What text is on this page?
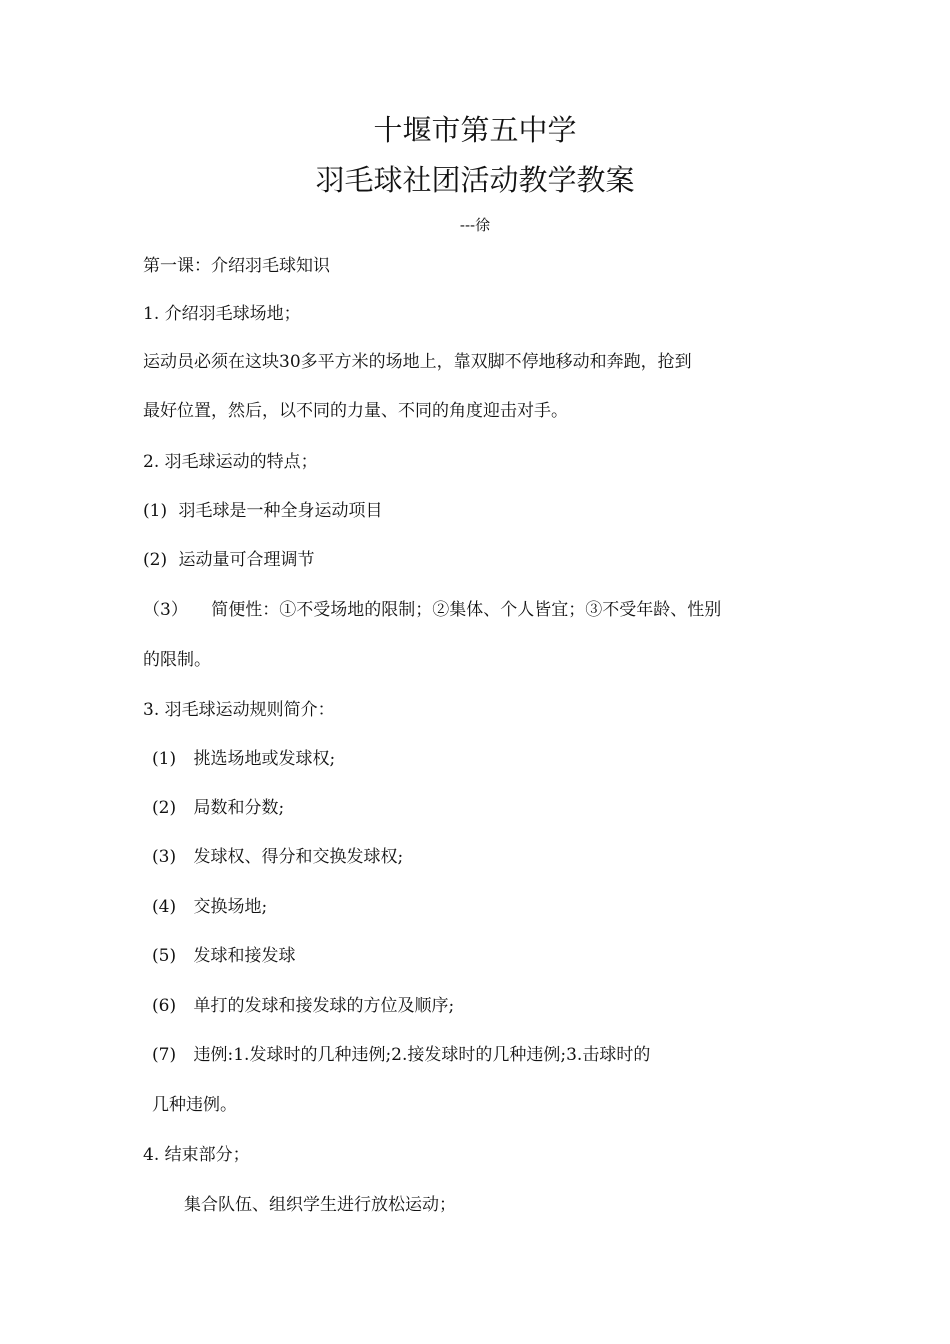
十堰市第五中学
羽毛球社团活动教学教案
---徐
第一课：介绍羽毛球知识
1. 介绍羽毛球场地；
运动员必须在这块30多平方米的场地上，靠双脚不停地移动和奔跑，抢到
最好位置，然后，以不同的力量、不同的角度迎击对手。
2. 羽毛球运动的特点；
(1) 羽毛球是一种全身运动项目
(2) 运动量可合理调节
（3） 简便性：①不受场地的限制；②集体、个人皆宜；③不受年龄、性别
的限制。
3. 羽毛球运动规则简介：
(1) 挑选场地或发球权;
(2) 局数和分数;
(3) 发球权、得分和交换发球权;
(4) 交换场地;
(5) 发球和接发球
(6) 单打的发球和接发球的方位及顺序;
(7) 违例:1.发球时的几种违例;2.接发球时的几种违例;3.击球时的
几种违例。
4. 结束部分；
集合队伍、组织学生进行放松运动；
